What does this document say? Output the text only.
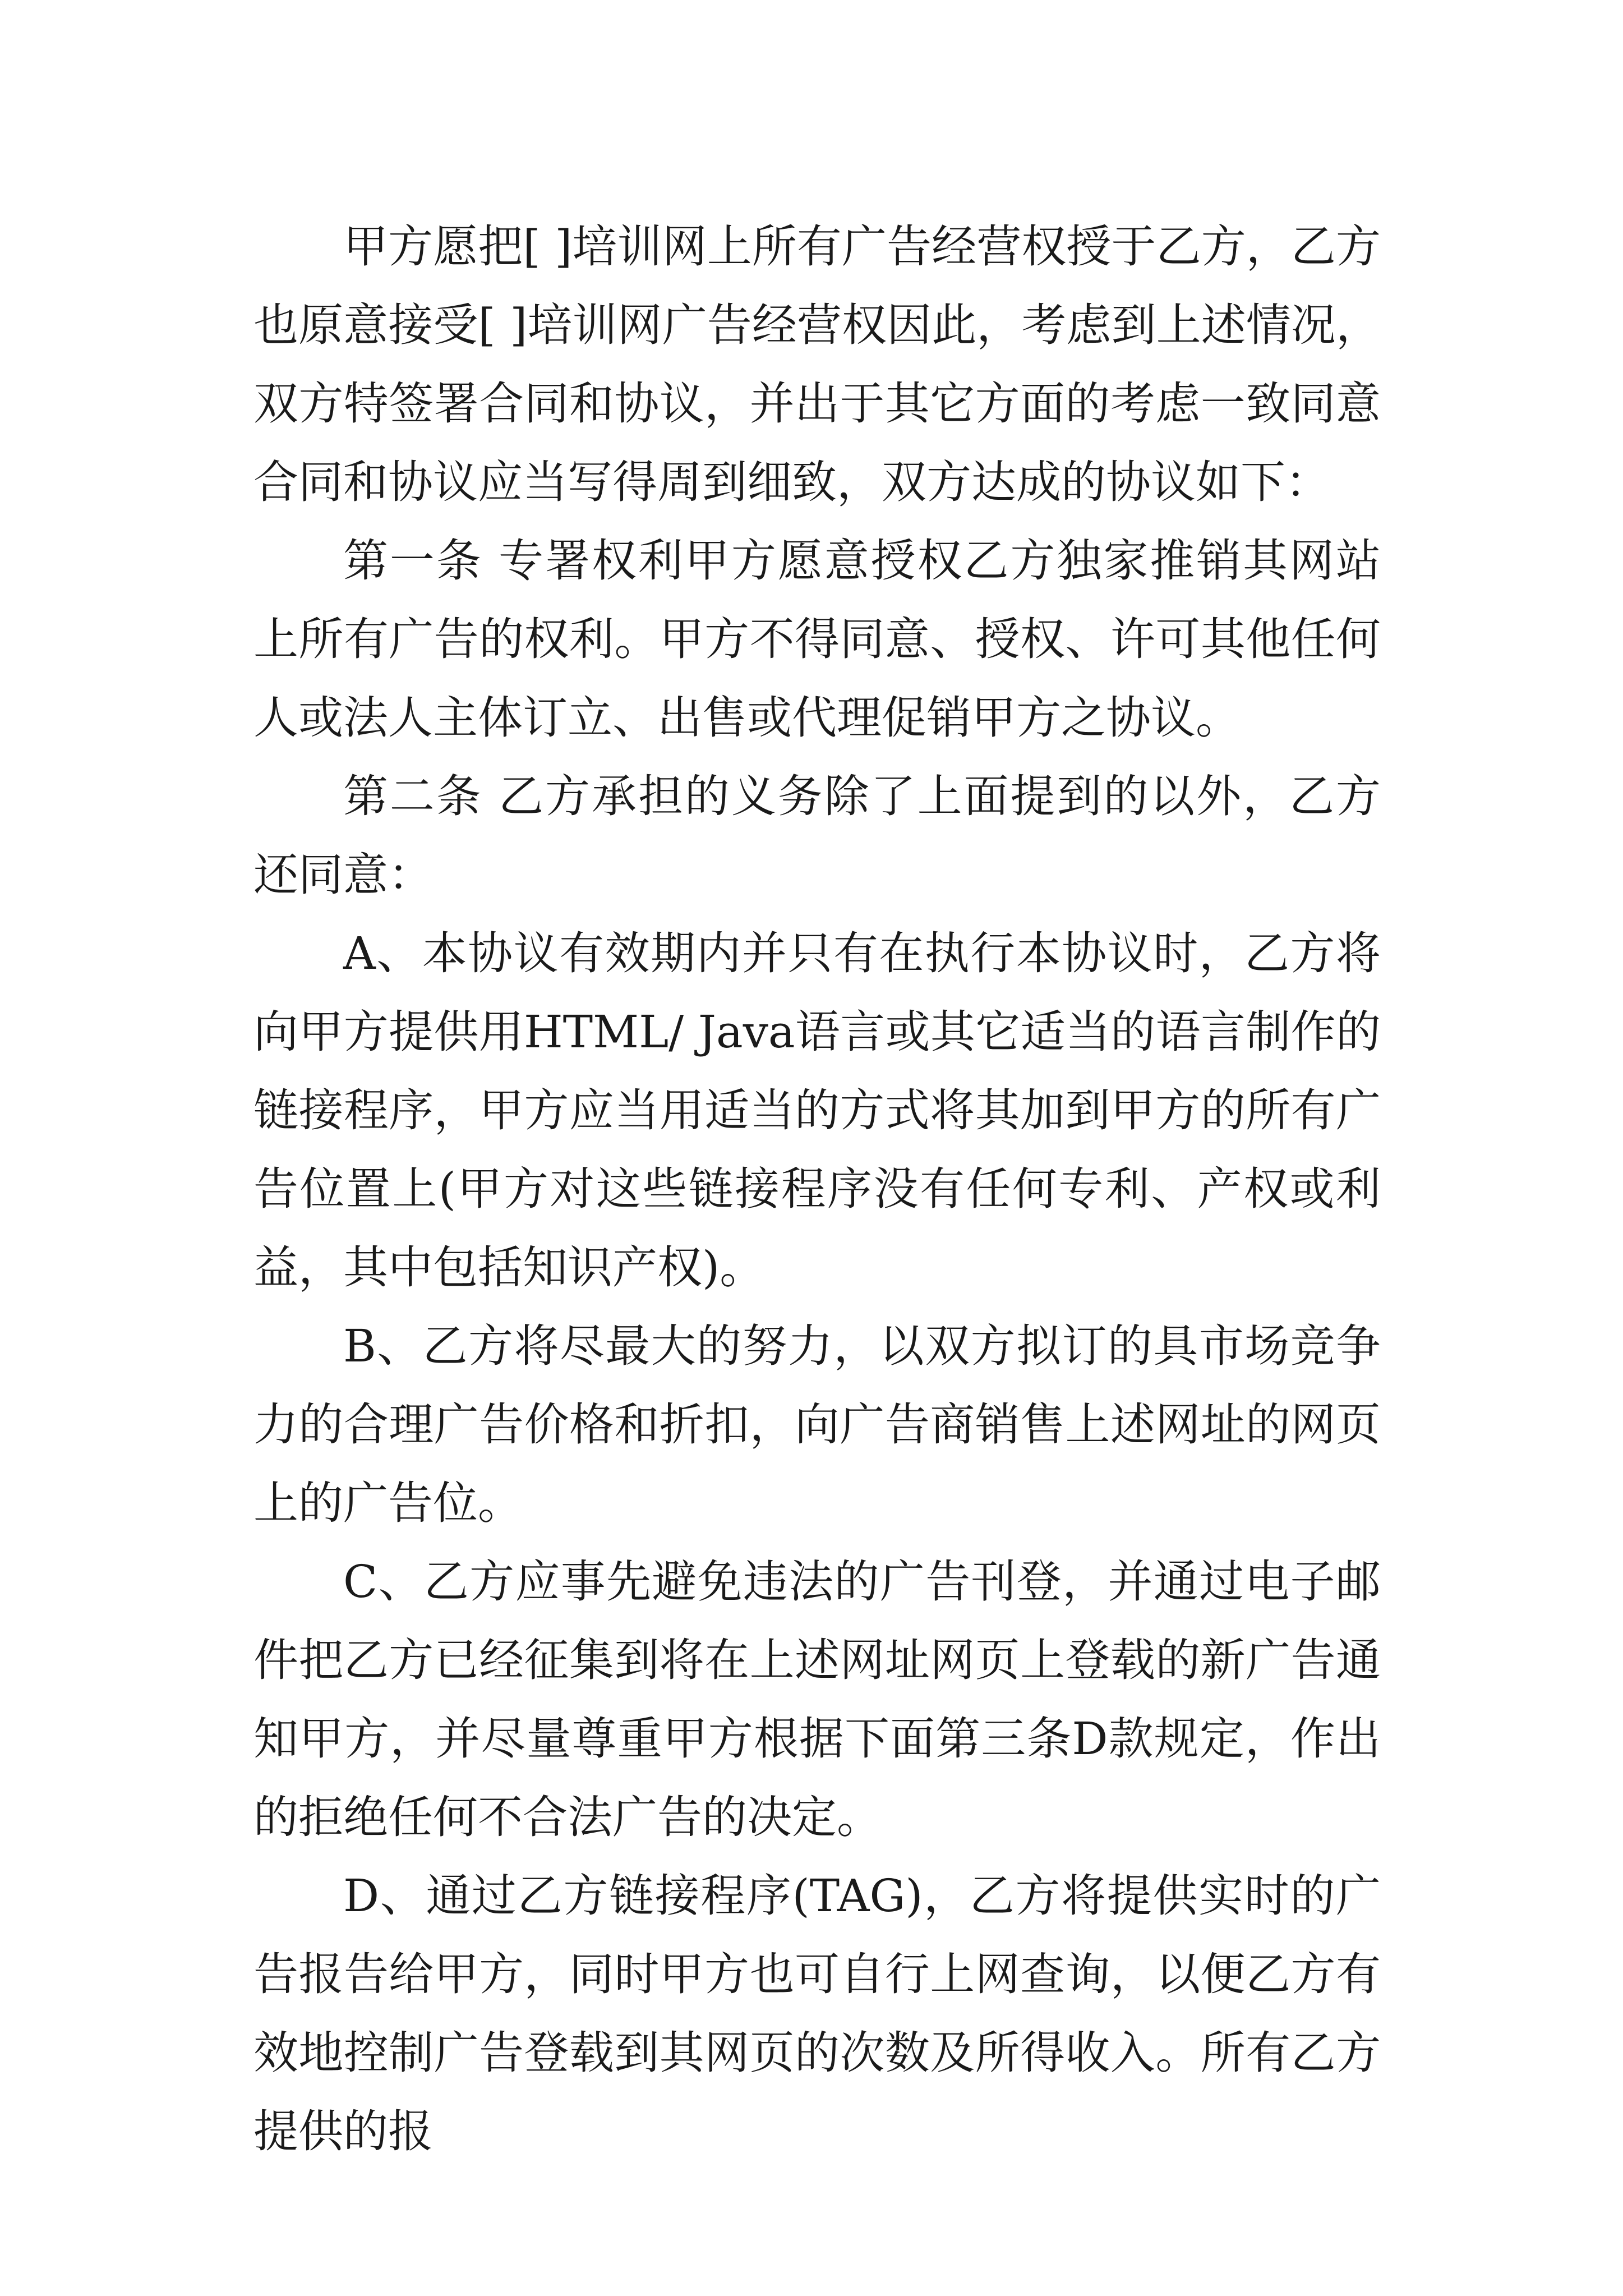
甲方愿把[ ]培训网上所有广告经营权授于乙方，乙方也原意接受[ ]培训网广告经营权因此，考虑到上述情况，双方特签署合同和协议，并出于其它方面的考虑一致同意合同和协议应当写得周到细致，双方达成的协议如下：

第一条 专署权利甲方愿意授权乙方独家推销其网站上所有广告的权利。甲方不得同意、授权、许可其他任何人或法人主体订立、出售或代理促销甲方之协议。

第二条 乙方承担的义务除了上面提到的以外，乙方还同意：

A、本协议有效期内并只有在执行本协议时，乙方将向甲方提供用HTML/ Java语言或其它适当的语言制作的链接程序，甲方应当用适当的方式将其加到甲方的所有广告位置上(甲方对这些链接程序没有任何专利、产权或利益，其中包括知识产权)。

B、乙方将尽最大的努力，以双方拟订的具市场竞争力的合理广告价格和折扣，向广告商销售上述网址的网页上的广告位。

C、乙方应事先避免违法的广告刊登，并通过电子邮件把乙方已经征集到将在上述网址网页上登载的新广告通知甲方，并尽量尊重甲方根据下面第三条D款规定，作出的拒绝任何不合法广告的决定。

D、通过乙方链接程序(TAG)，乙方将提供实时的广告报告给甲方，同时甲方也可自行上网查询，以便乙方有效地控制广告登载到其网页的次数及所得收入。所有乙方提供的报
